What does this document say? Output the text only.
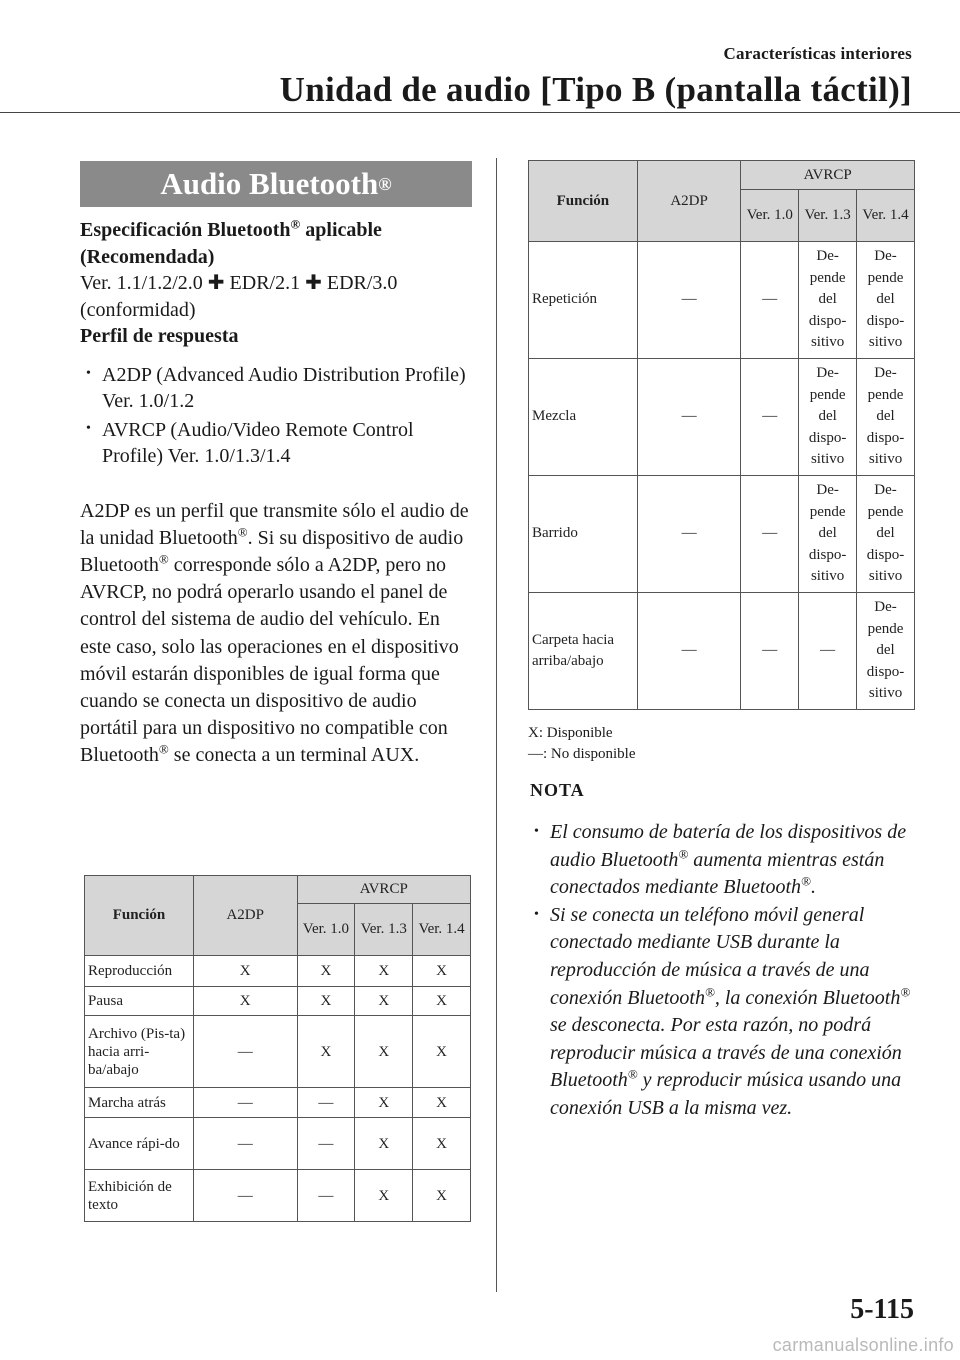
Características interiores
Unidad de audio [Tipo B (pantalla táctil)]
Audio Bluetooth ®
Especificación Bluetooth® aplicable
(Recomendada)
Ver. 1.1/1.2/2.0 ✚ EDR/2.1 ✚ EDR/3.0
(conformidad)
Perfil de respuesta
• A2DP (Advanced Audio Distribution Profile) Ver. 1.0/1.2
• AVRCP (Audio/Video Remote Control Profile) Ver. 1.0/1.3/1.4
A2DP es un perfil que transmite sólo el audio de la unidad Bluetooth®. Si su dispositivo de audio Bluetooth® corresponde sólo a A2DP, pero no AVRCP, no podrá operarlo usando el panel de control del sistema de audio del vehículo. En este caso, solo las operaciones en el dispositivo móvil estarán disponibles de igual forma que cuando se conecta un dispositivo de audio portátil para un dispositivo no compatible con Bluetooth® se conecta a un terminal AUX.
Función	A2DP	AVRCP		
		Ver. 1.0	Ver. 1.3	Ver. 1.4
Reproducción	X	X	X	X
Pausa	X	X	X	X
Archivo (Pis-ta) hacia arri-ba/abajo	—	X	X	X
Marcha atrás	—	—	X	X
Avance rápi-do	—	—	X	X
Exhibición de texto	—	—	X	X
Función	A2DP	AVRCP		
		Ver. 1.0	Ver. 1.3	Ver. 1.4
Repetición	—	—	De-pende del dispo-sitivo	De-pende del dispo-sitivo
Mezcla	—	—	De-pende del dispo-sitivo	De-pende del dispo-sitivo
Barrido	—	—	De-pende del dispo-sitivo	De-pende del dispo-sitivo
Carpeta hacia arriba/abajo	—	—	—	De-pende del dispo-sitivo
X: Disponible
—: No disponible
NOTA
• El consumo de batería de los dispositivos de audio Bluetooth® aumenta mientras están conectados mediante Bluetooth®.
• Si se conecta un teléfono móvil general conectado mediante USB durante la reproducción de música a través de una conexión Bluetooth®, la conexión Bluetooth® se desconecta. Por esta razón, no podrá reproducir música a través de una conexión Bluetooth® y reproducir música usando una conexión USB a la misma vez.
5-115
carmanualsonline.info
